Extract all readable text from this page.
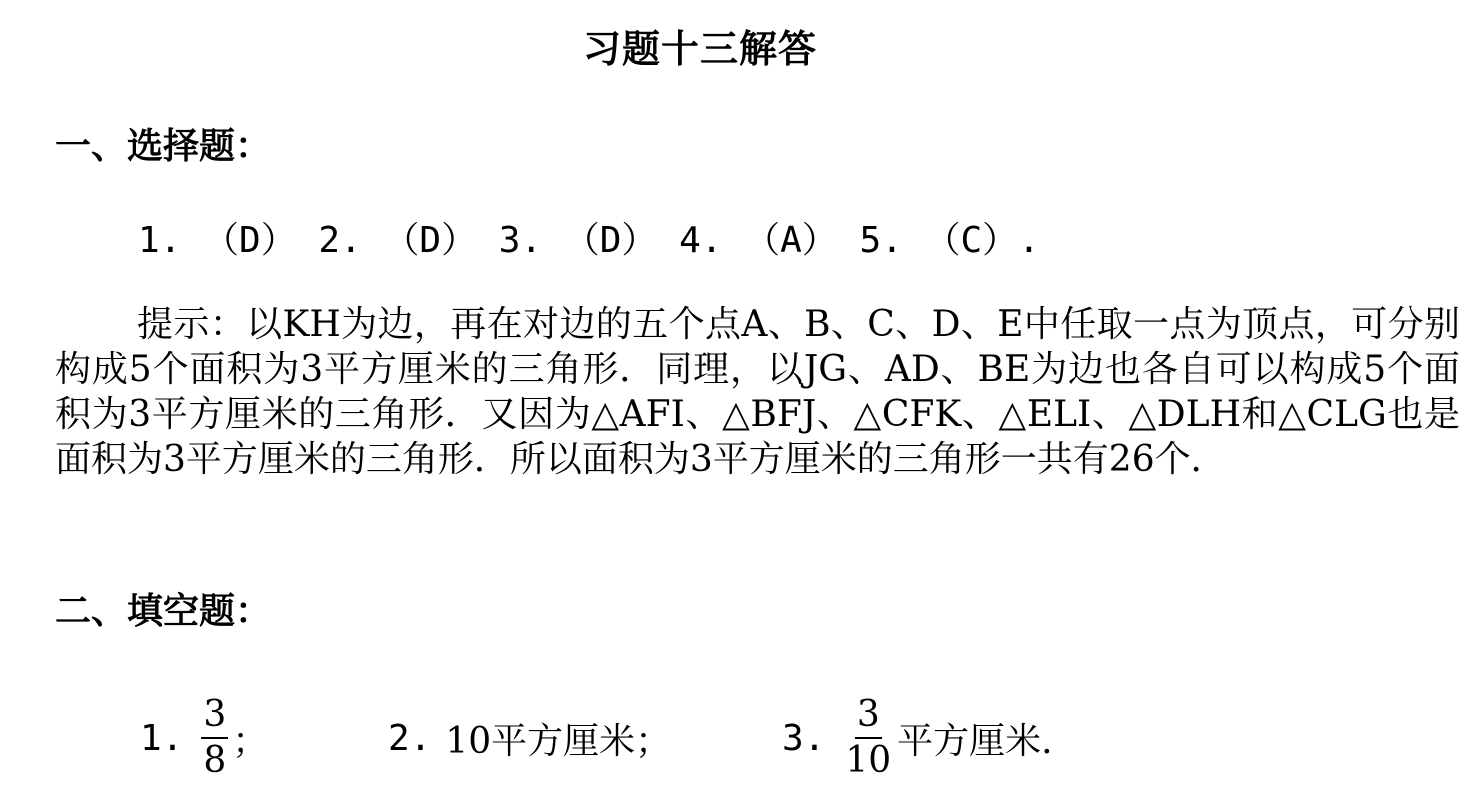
习题十三解答
一、选择题：
1. （D） 2. （D） 3. （D） 4. （A） 5. （C）.
提示：以KH为边，再在对边的五个点A、B、C、D、E中任取一点为顶点，可分别构成5个面积为3平方厘米的三角形．同理，以JG、AD、BE为边也各自可以构成5个面积为3平方厘米的三角形．又因为△AFI、△BFJ、△CFK、△ELI、△DLH和△CLG也是面积为3平方厘米的三角形．所以面积为3平方厘米的三角形一共有26个．
二、填空题：
1. $\frac{3}{8}$ ；	2. 10平方厘米；	3. $\frac{3}{10}$ 平方厘米.
